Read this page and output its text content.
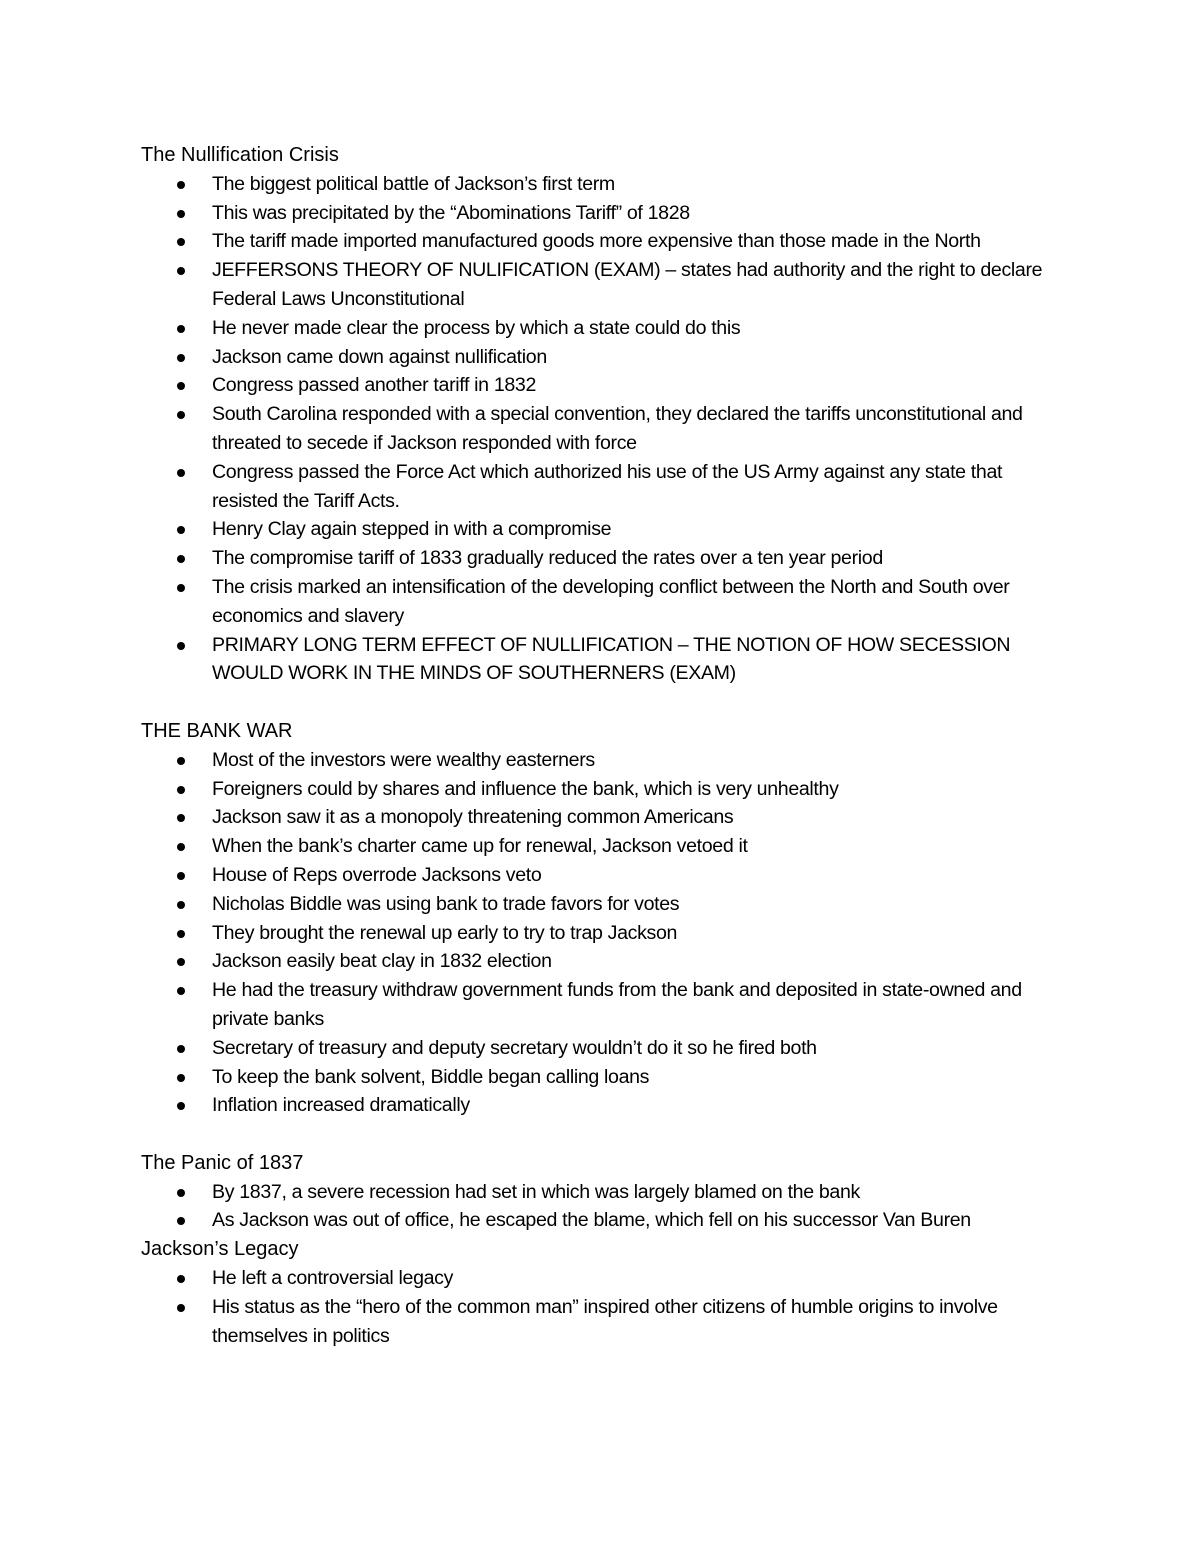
The Nullification Crisis
The biggest political battle of Jackson’s first term
This was precipitated by the “Abominations Tariff” of 1828
The tariff made imported manufactured goods more expensive than those made in the North
JEFFERSONS THEORY OF NULIFICATION (EXAM) – states had authority and the right to declare Federal Laws Unconstitutional
He never made clear the process by which a state could do this
Jackson came down against nullification
Congress passed another tariff in 1832
South Carolina responded with a special convention, they declared the tariffs unconstitutional and threated to secede if Jackson responded with force
Congress passed the Force Act which authorized his use of the US Army against any state that resisted the Tariff Acts.
Henry Clay again stepped in with a compromise
The compromise tariff of 1833 gradually reduced the rates over a ten year period
The crisis marked an intensification of the developing conflict between the North and South over economics and slavery
PRIMARY LONG TERM EFFECT OF NULLIFICATION – THE NOTION OF HOW SECESSION WOULD WORK IN THE MINDS OF SOUTHERNERS (EXAM)
THE BANK WAR
Most of the investors were wealthy easterners
Foreigners could by shares and influence the bank, which is very unhealthy
Jackson saw it as a monopoly threatening common Americans
When the bank’s charter came up for renewal, Jackson vetoed it
House of Reps overrode Jacksons veto
Nicholas Biddle was using bank to trade favors for votes
They brought the renewal up early to try to trap Jackson
Jackson easily beat clay in 1832 election
He had the treasury withdraw government funds from the bank and deposited in state-owned and private banks
Secretary of treasury and deputy secretary wouldn’t do it so he fired both
To keep the bank solvent, Biddle began calling loans
Inflation increased dramatically
The Panic of 1837
By 1837, a severe recession had set in which was largely blamed on the bank
As Jackson was out of office, he escaped the blame, which fell on his successor Van Buren
Jackson’s Legacy
He left a controversial legacy
His status as the “hero of the common man” inspired other citizens of humble origins to involve themselves in politics
